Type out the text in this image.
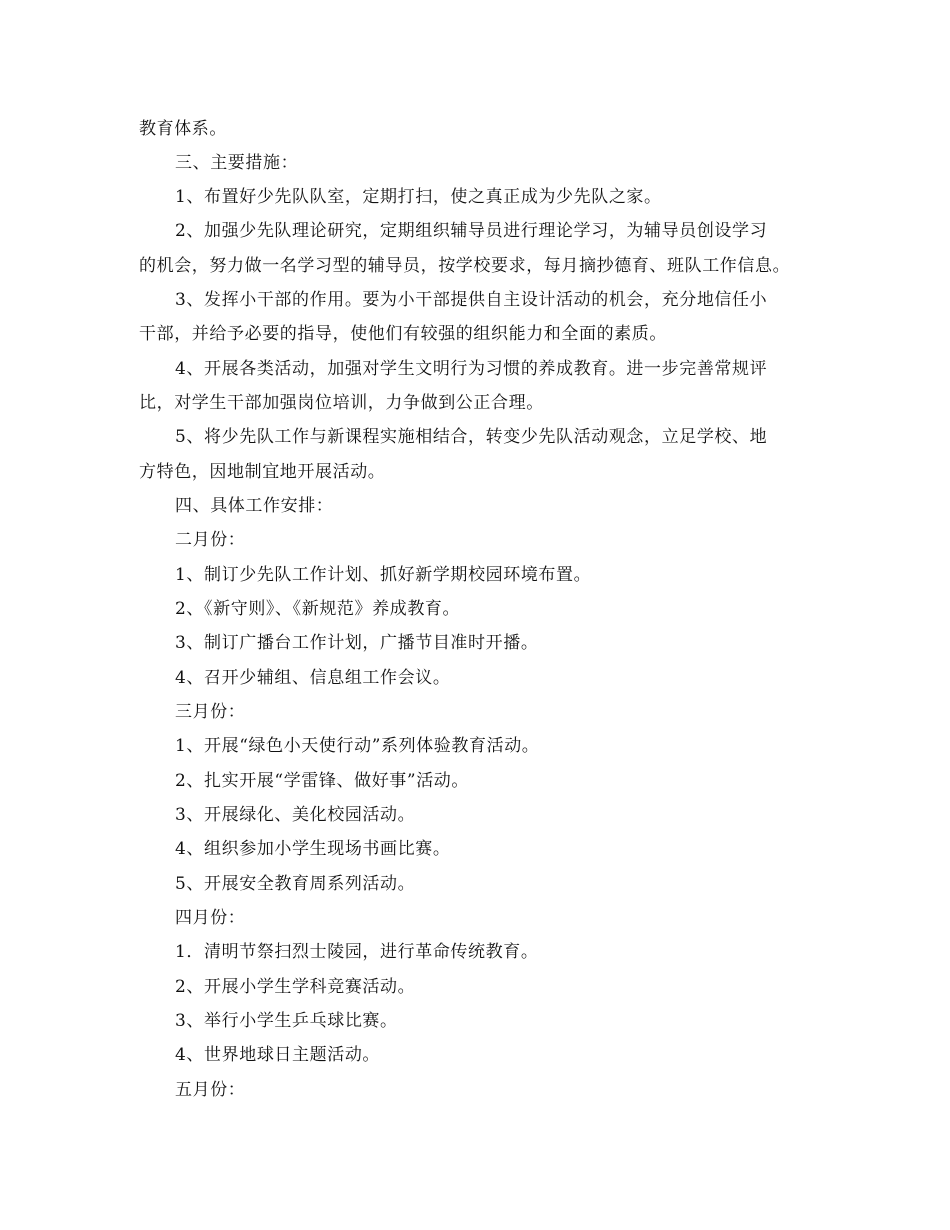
教育体系。
三、主要措施：
1、布置好少先队队室，定期打扫，使之真正成为少先队之家。
2、加强少先队理论研究，定期组织辅导员进行理论学习，为辅导员创设学习
的机会，努力做一名学习型的辅导员，按学校要求，每月摘抄德育、班队工作信息。
3、发挥小干部的作用。要为小干部提供自主设计活动的机会，充分地信任小
干部，并给予必要的指导，使他们有较强的组织能力和全面的素质。
4、开展各类活动，加强对学生文明行为习惯的养成教育。进一步完善常规评
比，对学生干部加强岗位培训，力争做到公正合理。
5、将少先队工作与新课程实施相结合，转变少先队活动观念，立足学校、地
方特色，因地制宜地开展活动。
四、具体工作安排：
二月份：
1、制订少先队工作计划、抓好新学期校园环境布置。
2、《新守则》、《新规范》养成教育。
3、制订广播台工作计划，广播节目准时开播。
4、召开少辅组、信息组工作会议。
三月份：
1、开展“绿色小天使行动”系列体验教育活动。
2、扎实开展“学雷锋、做好事”活动。
3、开展绿化、美化校园活动。
4、组织参加小学生现场书画比赛。
5、开展安全教育周系列活动。
四月份：
1．清明节祭扫烈士陵园，进行革命传统教育。
2、开展小学生学科竞赛活动。
3、举行小学生乒乓球比赛。
4、世界地球日主题活动。
五月份：
